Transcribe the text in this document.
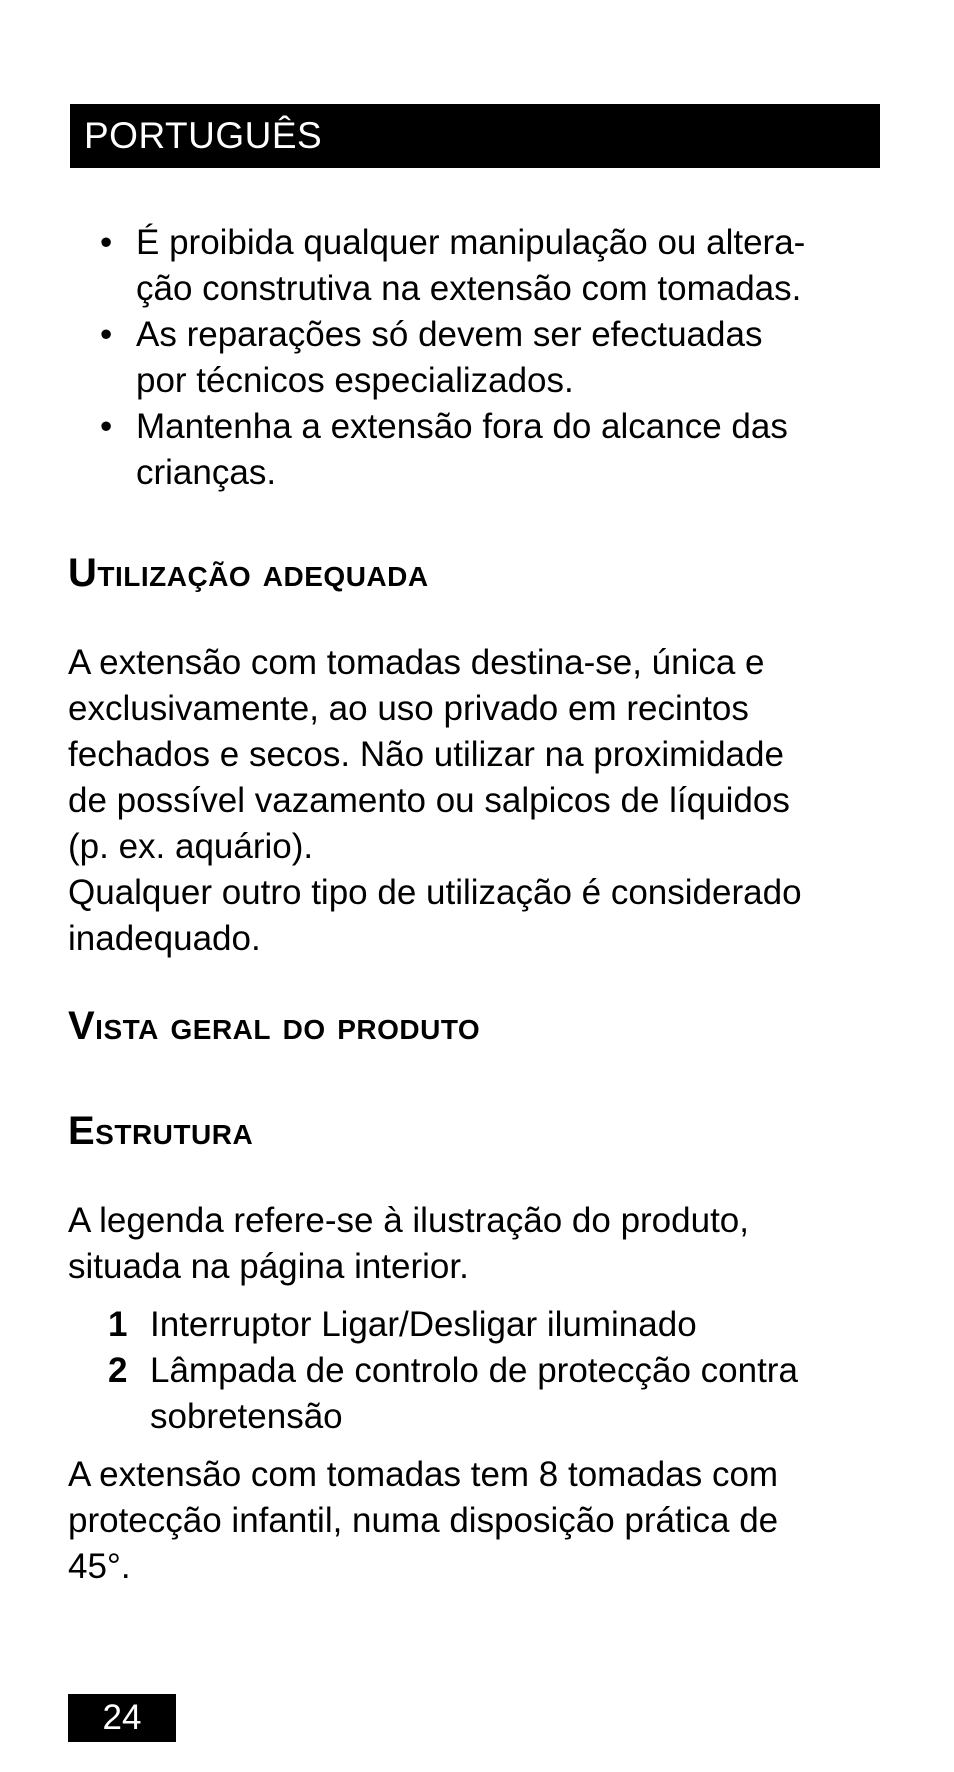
PORTUGUÊS
• É proibida qualquer manipulação ou altera-
ção construtiva na extensão com tomadas.
• As reparações só devem ser efectuadas
por técnicos especializados.
• Mantenha a extensão fora do alcance das
crianças.
Utilização adequada
A extensão com tomadas destina-se, única e
exclusivamente, ao uso privado em recintos
fechados e secos. Não utilizar na proximidade
de possível vazamento ou salpicos de líquidos
(p. ex. aquário).
Qualquer outro tipo de utilização é considerado
inadequado.
Vista geral do produto
Estrutura
A legenda refere-se à ilustração do produto,
situada na página interior.
1 Interruptor Ligar/Desligar iluminado
2 Lâmpada de controlo de protecção contra
sobretensão
A extensão com tomadas tem 8 tomadas com
protecção infantil, numa disposição prática de
45°.
24
